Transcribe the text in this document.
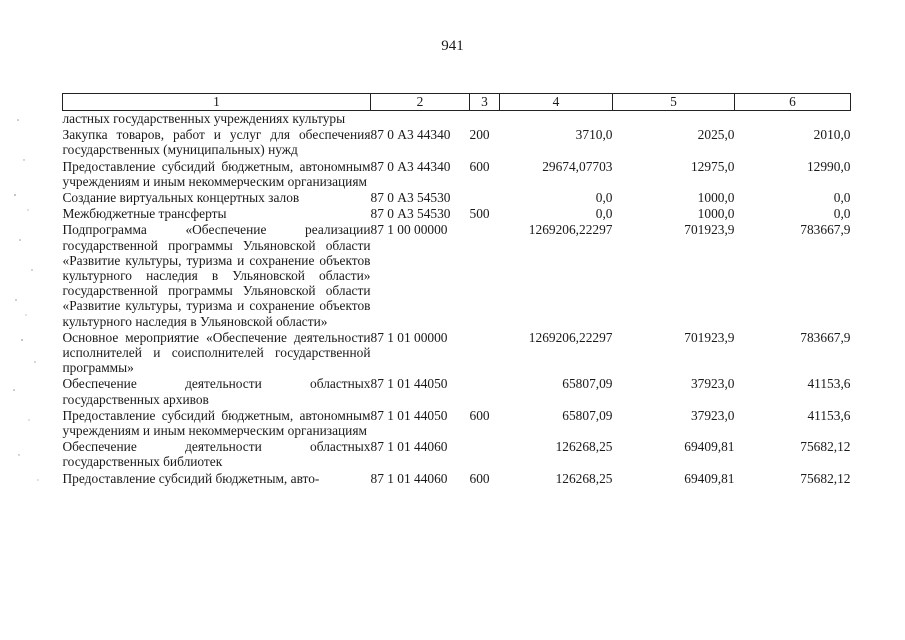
941
1	2	3	4	5	6
ластных государственных учреждениях культуры					
Закупка товаров, работ и услуг для обеспечения государственных (муниципальных) нужд	87 0 А3 44340	200	3710,0	2025,0	2010,0
Предоставление субсидий бюджетным, автономным учреждениям и иным некоммерческим организациям	87 0 А3 44340	600	29674,07703	12975,0	12990,0
Создание виртуальных концертных залов	87 0 А3 54530		0,0	1000,0	0,0
Межбюджетные трансферты	87 0 А3 54530	500	0,0	1000,0	0,0
Подпрограмма «Обеспечение реализации государственной программы Ульяновской области «Развитие культуры, туризма и сохранение объектов культурного наследия в Ульяновской области» государственной программы Ульяновской области «Развитие культуры, туризма и сохранение объектов культурного наследия в Ульяновской области»	87 1 00 00000		1269206,22297	701923,9	783667,9
Основное мероприятие «Обеспечение деятельности исполнителей и соисполнителей государственной программы»	87 1 01 00000		1269206,22297	701923,9	783667,9
Обеспечение деятельности областных государственных архивов	87 1 01 44050		65807,09	37923,0	41153,6
Предоставление субсидий бюджетным, автономным учреждениям и иным некоммерческим организациям	87 1 01 44050	600	65807,09	37923,0	41153,6
Обеспечение деятельности областных государственных библиотек	87 1 01 44060		126268,25	69409,81	75682,12
Предоставление субсидий бюджетным, авто-	87 1 01 44060	600	126268,25	69409,81	75682,12
